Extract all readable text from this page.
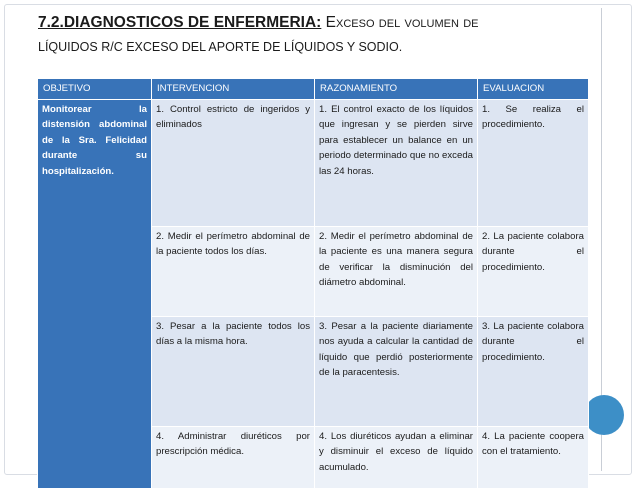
7.2.DIAGNOSTICOS DE ENFERMERIA: Exceso del volumen de
LÍQUIDOS R/C EXCESO DEL APORTE DE LÍQUIDOS Y SODIO.
OBJETIVO	INTERVENCION	RAZONAMIENTO	EVALUACION

Monitorear la distensión abdominal de la Sra. Felicidad durante su hospitalización.	1. Control estricto de ingeridos y eliminados	1. El control exacto de los líquidos que ingresan y se pierden sirve para establecer un balance en un periodo determinado que no exceda las 24 horas.	1. Se realiza el procedimiento.

	2. Medir el perímetro abdominal de la paciente todos los días.	2. Medir el perímetro abdominal de la paciente es una manera segura de verificar la disminución del diámetro abdominal.	2. La paciente colabora durante el procedimiento.

	3. Pesar a la paciente todos los días a la misma hora.	3. Pesar a la paciente diariamente nos ayuda a calcular la cantidad de líquido que perdió posteriormente de la paracentesis.	3. La paciente colabora durante el procedimiento.

	4. Administrar diuréticos por prescripción médica.	4. Los diuréticos ayudan a eliminar y disminuir el exceso de líquido acumulado.	4. La paciente coopera con el tratamiento.
